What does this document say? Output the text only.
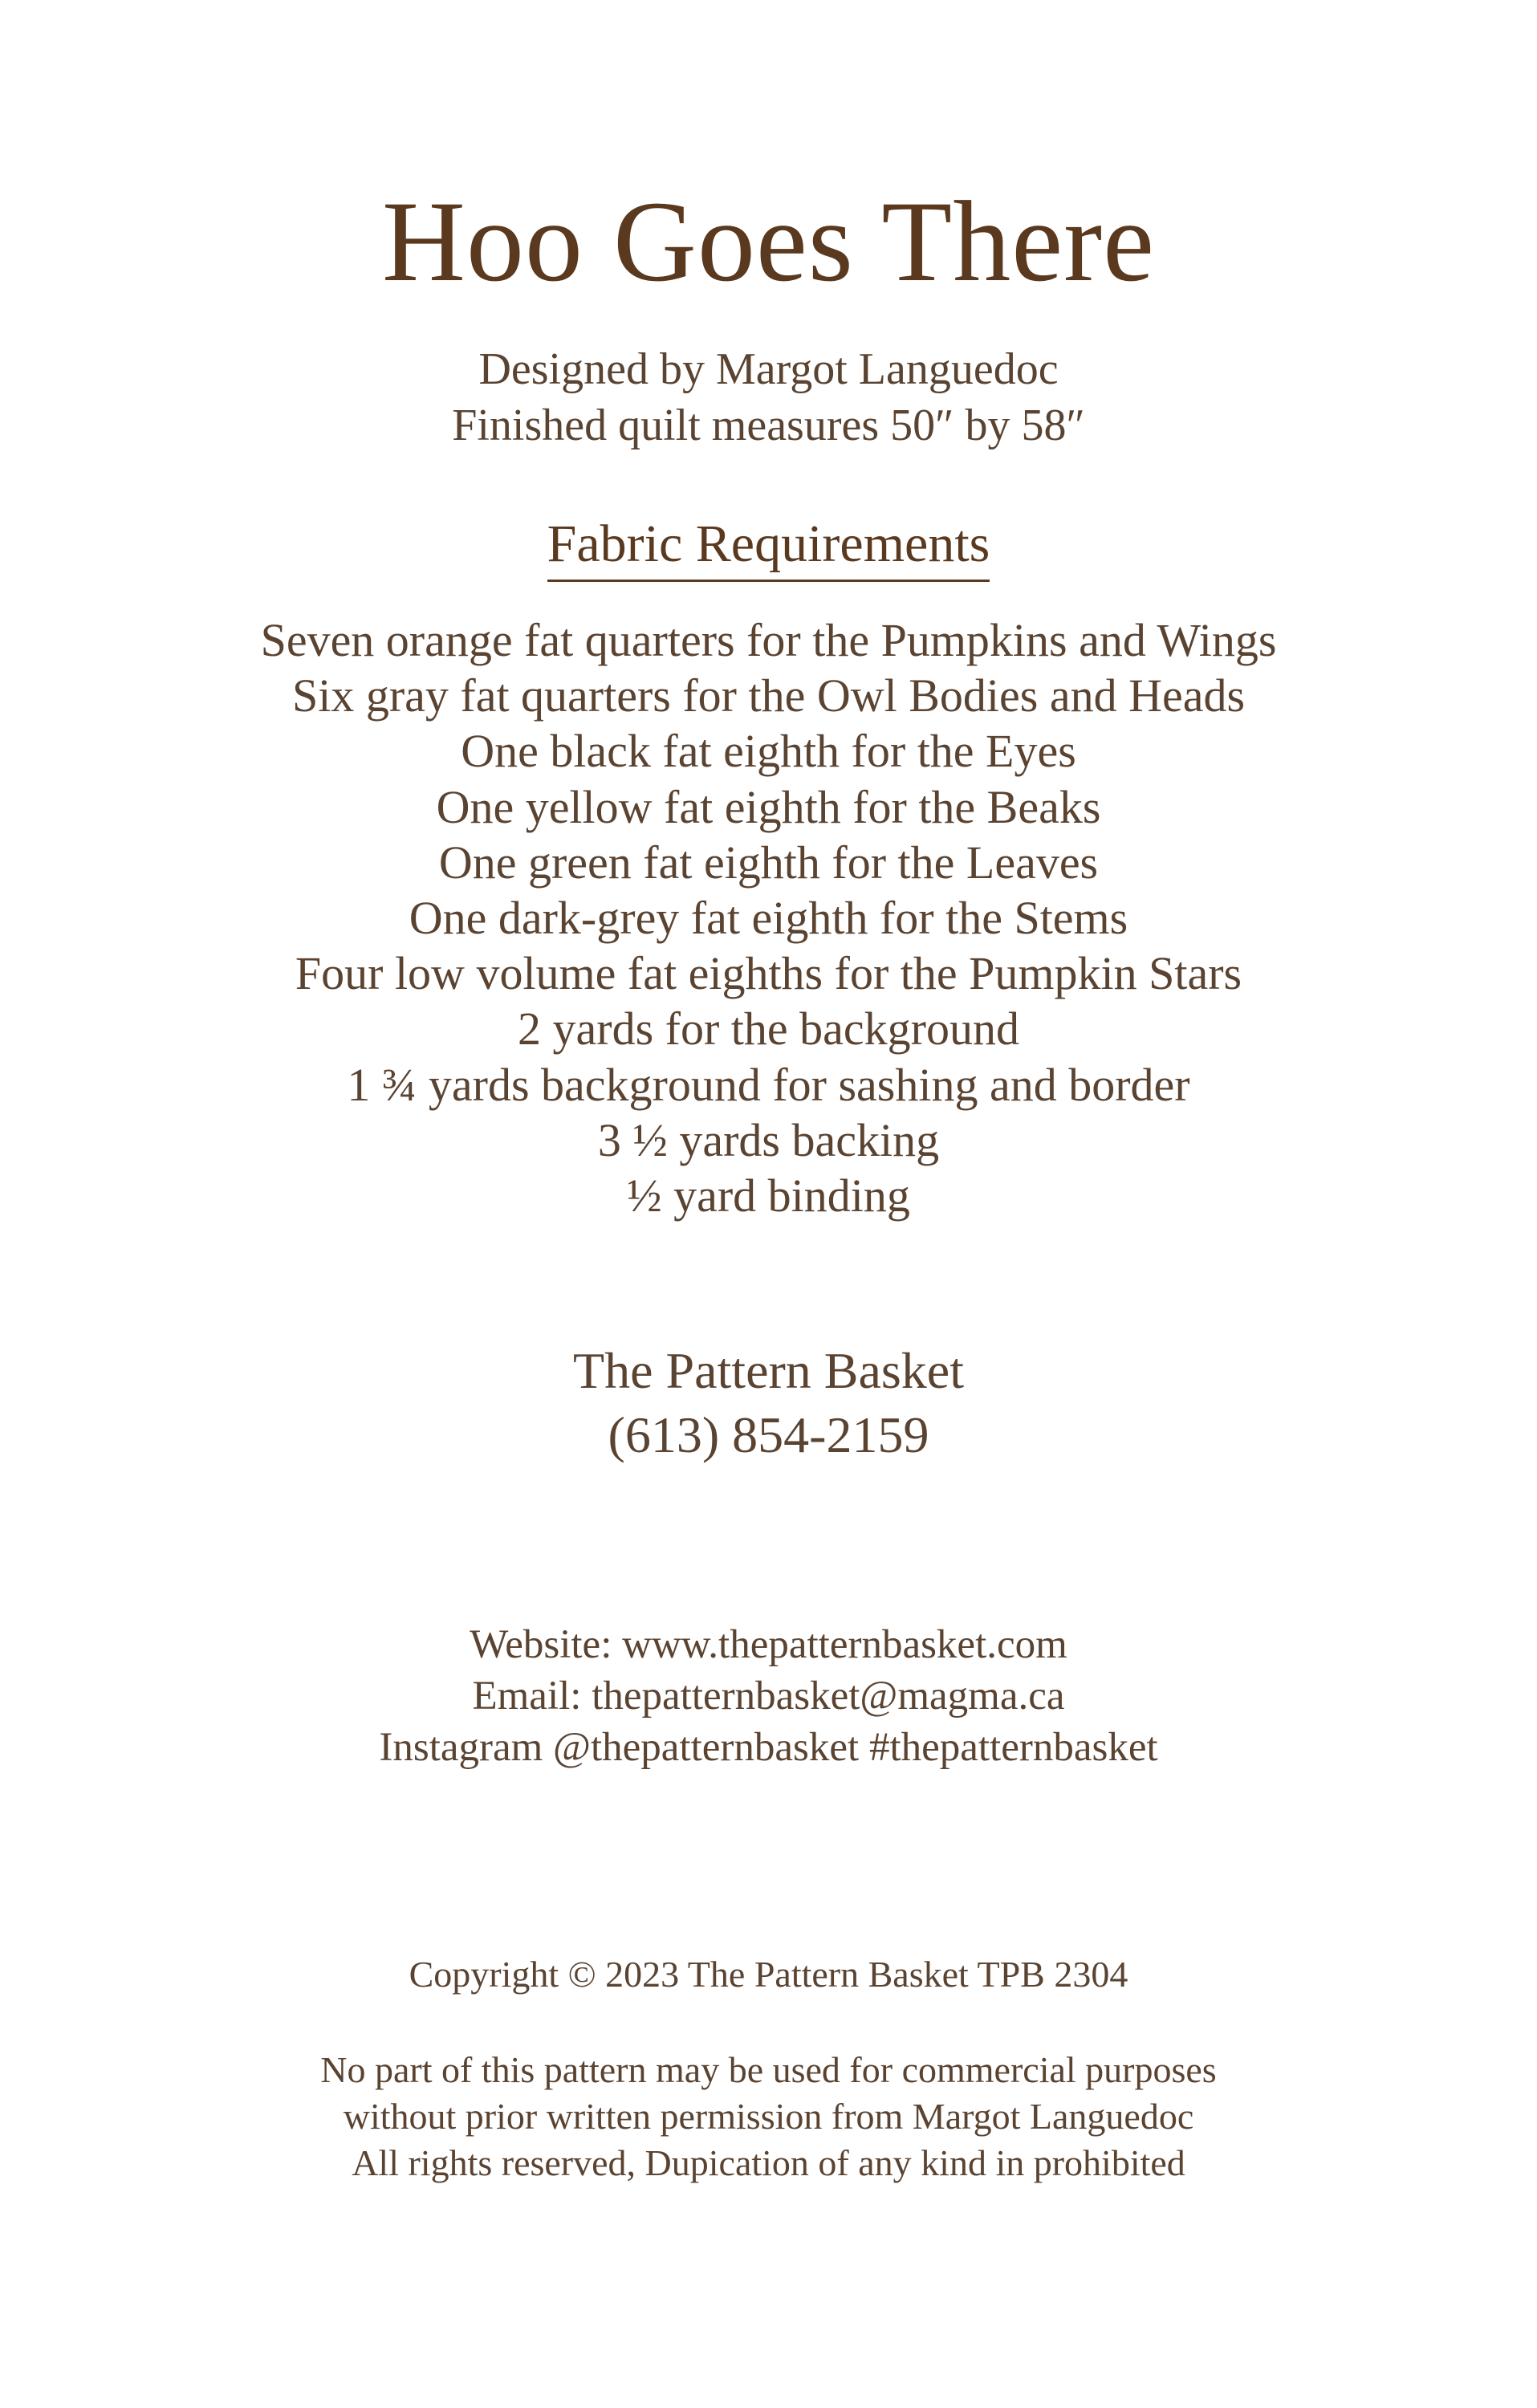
Hoo Goes There
Designed by Margot Languedoc
Finished quilt measures 50″ by 58″
Fabric Requirements
Seven orange fat quarters for the Pumpkins and Wings
Six gray fat quarters for the Owl Bodies and Heads
One black fat eighth for the Eyes
One yellow fat eighth for the Beaks
One green fat eighth for the Leaves
One dark-grey fat eighth for the Stems
Four low volume fat eighths for the Pumpkin Stars
2 yards for the background
1 ¾ yards background for sashing and border
3 ½ yards backing
½ yard binding
The Pattern Basket
(613) 854-2159
Website: www.thepatternbasket.com
Email: thepatternbasket@magma.ca
Instagram @thepatternbasket #thepatternbasket
Copyright © 2023 The Pattern Basket TPB 2304
No part of this pattern may be used for commercial purposes
without prior written permission from Margot Languedoc
All rights reserved, Dupication of any kind in prohibited
